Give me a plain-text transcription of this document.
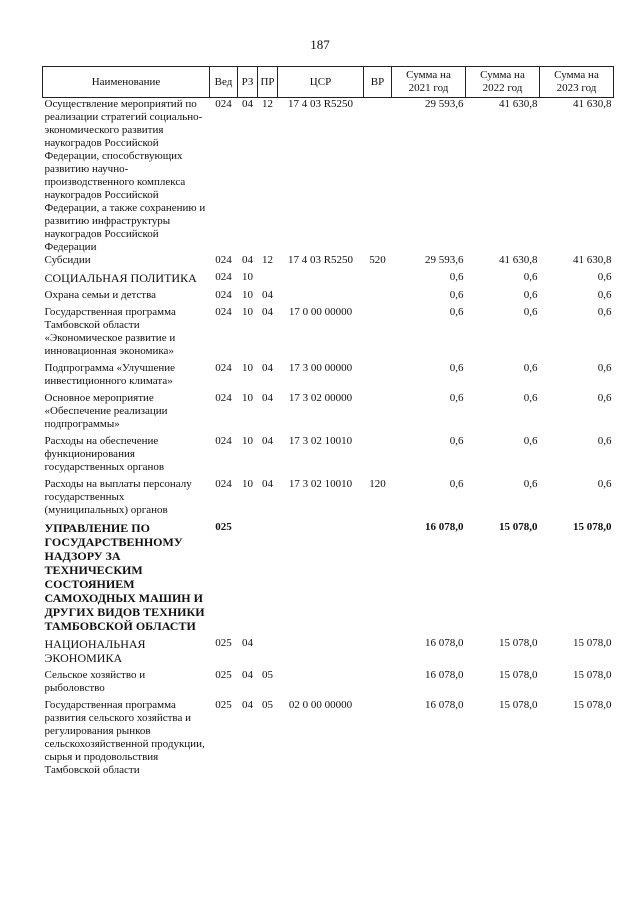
187
Наименование	Вед	РЗ	ПР	ЦСР	ВР	Сумма на 2021 год	Сумма на 2022 год	Сумма на 2023 год
Осуществление мероприятий по реализации стратегий социально-экономического развития наукоградов Российской Федерации, способствующих развитию научно-производственного комплекса наукоградов Российской Федерации, а также сохранению и развитию инфраструктуры наукоградов Российской Федерации	024	04	12	17 4 03 R5250		29 593,6	41 630,8	41 630,8
Субсидии	024	04	12	17 4 03 R5250	520	29 593,6	41 630,8	41 630,8
СОЦИАЛЬНАЯ ПОЛИТИКА	024	10				0,6	0,6	0,6
Охрана семьи и детства	024	10	04			0,6	0,6	0,6
Государственная программа Тамбовской области «Экономическое развитие и инновационная экономика»	024	10	04	17 0 00 00000		0,6	0,6	0,6
Подпрограмма «Улучшение инвестиционного климата»	024	10	04	17 3 00 00000		0,6	0,6	0,6
Основное мероприятие «Обеспечение реализации подпрограммы»	024	10	04	17 3 02 00000		0,6	0,6	0,6
Расходы на обеспечение функционирования государственных органов	024	10	04	17 3 02 10010		0,6	0,6	0,6
Расходы на выплаты персоналу государственных (муниципальных) органов	024	10	04	17 3 02 10010	120	0,6	0,6	0,6
УПРАВЛЕНИЕ ПО ГОСУДАРСТВЕННОМУ НАДЗОРУ ЗА ТЕХНИЧЕСКИМ СОСТОЯНИЕМ САМОХОДНЫХ МАШИН И ДРУГИХ ВИДОВ ТЕХНИКИ ТАМБОВСКОЙ ОБЛАСТИ	025					16 078,0	15 078,0	15 078,0
НАЦИОНАЛЬНАЯ ЭКОНОМИКА	025	04				16 078,0	15 078,0	15 078,0
Сельское хозяйство и рыболовство	025	04	05			16 078,0	15 078,0	15 078,0
Государственная программа развития сельского хозяйства и регулирования рынков сельскохозяйственной продукции, сырья и продовольствия Тамбовской области	025	04	05	02 0 00 00000		16 078,0	15 078,0	15 078,0
